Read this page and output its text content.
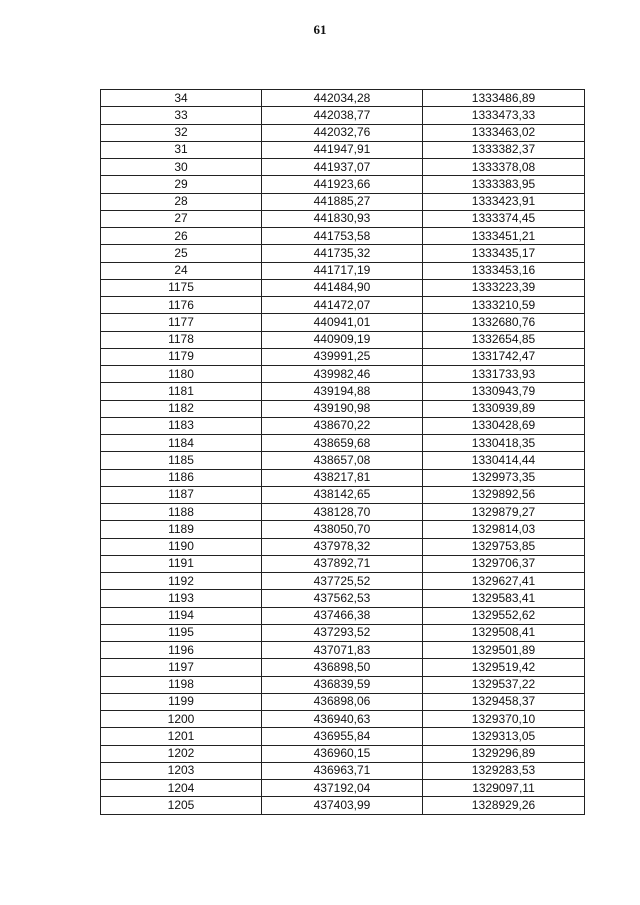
61
34	442034,28	1333486,89
33	442038,77	1333473,33
32	442032,76	1333463,02
31	441947,91	1333382,37
30	441937,07	1333378,08
29	441923,66	1333383,95
28	441885,27	1333423,91
27	441830,93	1333374,45
26	441753,58	1333451,21
25	441735,32	1333435,17
24	441717,19	1333453,16
1175	441484,90	1333223,39
1176	441472,07	1333210,59
1177	440941,01	1332680,76
1178	440909,19	1332654,85
1179	439991,25	1331742,47
1180	439982,46	1331733,93
1181	439194,88	1330943,79
1182	439190,98	1330939,89
1183	438670,22	1330428,69
1184	438659,68	1330418,35
1185	438657,08	1330414,44
1186	438217,81	1329973,35
1187	438142,65	1329892,56
1188	438128,70	1329879,27
1189	438050,70	1329814,03
1190	437978,32	1329753,85
1191	437892,71	1329706,37
1192	437725,52	1329627,41
1193	437562,53	1329583,41
1194	437466,38	1329552,62
1195	437293,52	1329508,41
1196	437071,83	1329501,89
1197	436898,50	1329519,42
1198	436839,59	1329537,22
1199	436898,06	1329458,37
1200	436940,63	1329370,10
1201	436955,84	1329313,05
1202	436960,15	1329296,89
1203	436963,71	1329283,53
1204	437192,04	1329097,11
1205	437403,99	1328929,26
